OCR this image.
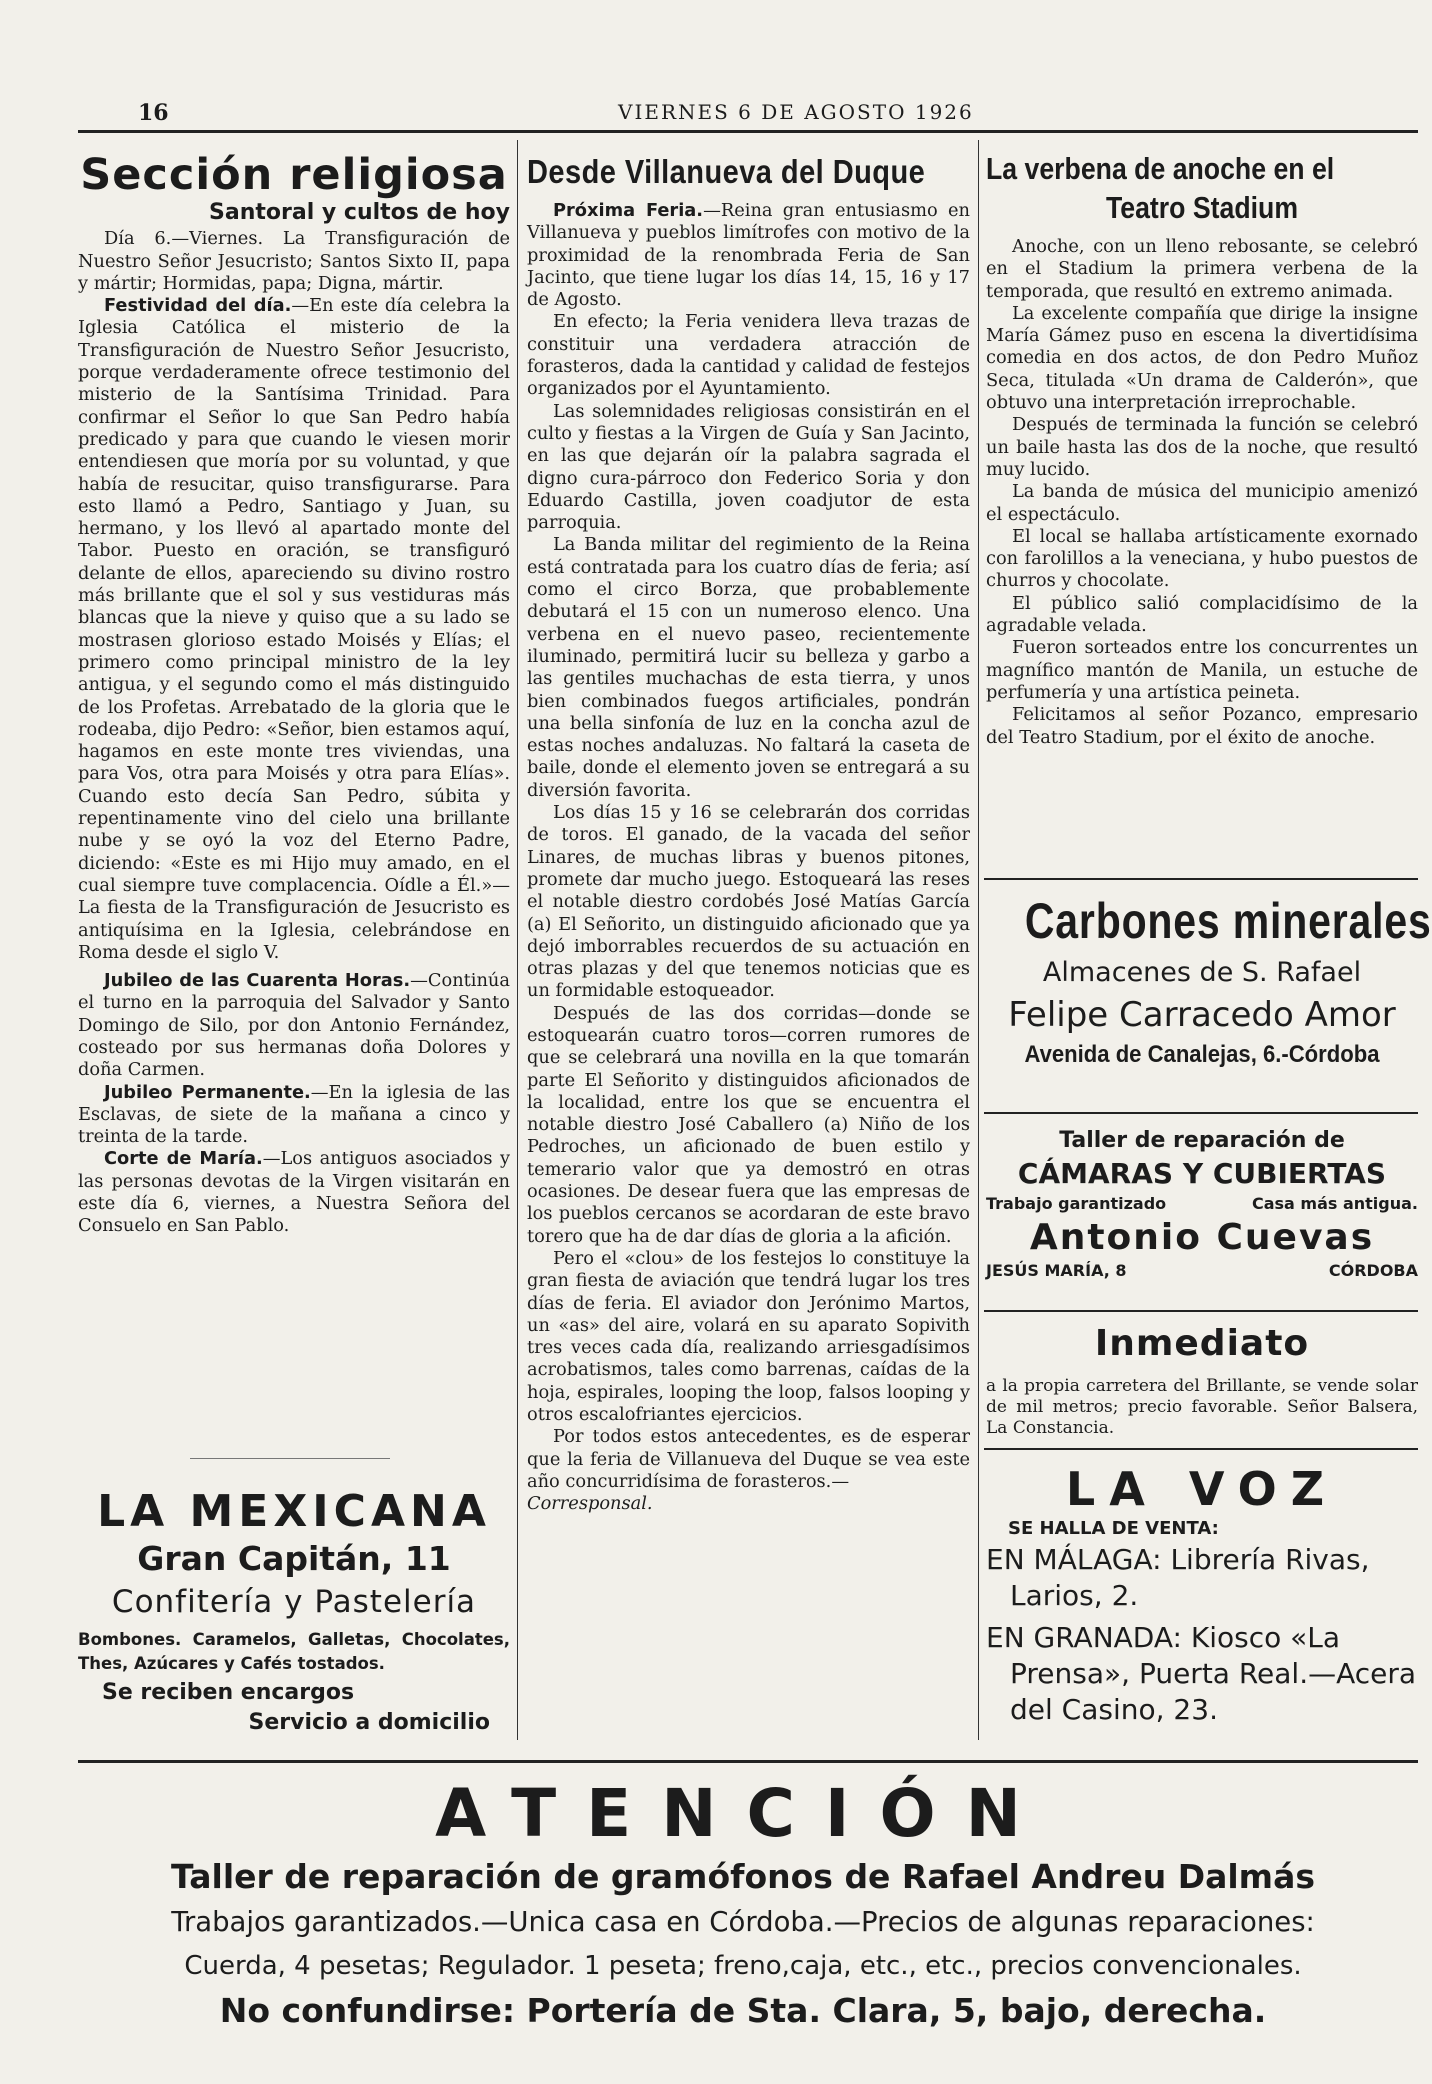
16	VIERNES 6 DE AGOSTO 1926
Sección religiosa
Santoral y cultos de hoy

Día 6.—Viernes. La Transfiguración de Nuestro Señor Jesucristo; Santos Sixto II, papa y mártir; Hormidas, papa; Digna, mártir.

Festividad del día.—En este día celebra la Iglesia Católica el misterio de la Transfiguración de Nuestro Señor Jesucristo, porque verdaderamente ofrece testimonio del misterio de la Santísima Trinidad. Para confirmar el Señor lo que San Pedro había predicado y para que cuando le viesen morir entendiesen que moría por su voluntad, y que había de resucitar, quiso transfigurarse. Para esto llamó a Pedro, Santiago y Juan, su hermano, y los llevó al apartado monte del Tabor. Puesto en oración, se transfiguró delante de ellos, apareciendo su divino rostro más brillante que el sol y sus vestiduras más blancas que la nieve y quiso que a su lado se mostrasen glorioso estado Moisés y Elías; el primero como principal ministro de la ley antigua, y el segundo como el más distinguido de los Profetas. Arrebatado de la gloria que le rodeaba, dijo Pedro: «Señor, bien estamos aquí, hagamos en este monte tres viviendas, una para Vos, otra para Moisés y otra para Elías». Cuando esto decía San Pedro, súbita y repentinamente vino del cielo una brillante nube y se oyó la voz del Eterno Padre, diciendo: «Este es mi Hijo muy amado, en el cual siempre tuve complacencia. Oídle a Él.»—La fiesta de la Transfiguración de Jesucristo es antiquísima en la Iglesia, celebrándose en Roma desde el siglo V.

Jubileo de las Cuarenta Horas.—Continúa el turno en la parroquia del Salvador y Santo Domingo de Silo, por don Antonio Fernández, costeado por sus hermanas doña Dolores y doña Carmen.

Jubileo Permanente.—En la iglesia de las Esclavas, de siete de la mañana a cinco y treinta de la tarde.

Corte de María.—Los antiguos asociados y las personas devotas de la Virgen visitarán en este día 6, viernes, a Nuestra Señora del Consuelo en San Pablo.

LA MEXICANA
Gran Capitán, 11
Confitería y Pastelería
Bombones. Caramelos, Galletas, Chocolates, Thes, Azúcares y Cafés tostados.
Se reciben encargos
Servicio a domicilio
Desde Villanueva del Duque

Próxima Feria.—Reina gran entusiasmo en Villanueva y pueblos limítrofes con motivo de la proximidad de la renombrada Feria de San Jacinto, que tiene lugar los días 14, 15, 16 y 17 de Agosto.

En efecto; la Feria venidera lleva trazas de constituir una verdadera atracción de forasteros, dada la cantidad y calidad de festejos organizados por el Ayuntamiento.

Las solemnidades religiosas consistirán en el culto y fiestas a la Virgen de Guía y San Jacinto, en las que dejarán oír la palabra sagrada el digno cura-párroco don Federico Soria y don Eduardo Castilla, joven coadjutor de esta parroquia.

La Banda militar del regimiento de la Reina está contratada para los cuatro días de feria; así como el circo Borza, que probablemente debutará el 15 con un numeroso elenco. Una verbena en el nuevo paseo, recientemente iluminado, permitirá lucir su belleza y garbo a las gentiles muchachas de esta tierra, y unos bien combinados fuegos artificiales, pondrán una bella sinfonía de luz en la concha azul de estas noches andaluzas. No faltará la caseta de baile, donde el elemento joven se entregará a su diversión favorita.

Los días 15 y 16 se celebrarán dos corridas de toros. El ganado, de la vacada del señor Linares, de muchas libras y buenos pitones, promete dar mucho juego. Estoqueará las reses el notable diestro cordobés José Matías García (a) El Señorito, un distinguido aficionado que ya dejó imborrables recuerdos de su actuación en otras plazas y del que tenemos noticias que es un formidable estoqueador.

Después de las dos corridas—donde se estoquearán cuatro toros—corren rumores de que se celebrará una novilla en la que tomarán parte El Señorito y distinguidos aficionados de la localidad, entre los que se encuentra el notable diestro José Caballero (a) Niño de los Pedroches, un aficionado de buen estilo y temerario valor que ya demostró en otras ocasiones. De desear fuera que las empresas de los pueblos cercanos se acordaran de este bravo torero que ha de dar días de gloria a la afición.

Pero el «clou» de los festejos lo constituye la gran fiesta de aviación que tendrá lugar los tres días de feria. El aviador don Jerónimo Martos, un «as» del aire, volará en su aparato Sopivith tres veces cada día, realizando arriesgadísimos acrobatismos, tales como barrenas, caídas de la hoja, espirales, looping the loop, falsos looping y otros escalofriantes ejercicios.

Por todos estos antecedentes, es de esperar que la feria de Villanueva del Duque se vea este año concurridísima de forasteros.—

Corresponsal.

La verbena de anoche en el
Teatro Stadium

Anoche, con un lleno rebosante, se celebró en el Stadium la primera verbena de la temporada, que resultó en extremo animada.

La excelente compañía que dirige la insigne María Gámez puso en escena la divertidísima comedia en dos actos, de don Pedro Muñoz Seca, titulada «Un drama de Calderón», que obtuvo una interpretación irreprochable.

Después de terminada la función se celebró un baile hasta las dos de la noche, que resultó muy lucido.

La banda de música del municipio amenizó el espectáculo.

El local se hallaba artísticamente exornado con farolillos a la veneciana, y hubo puestos de churros y chocolate.

El público salió complacidísimo de la agradable velada.

Fueron sorteados entre los concurrentes un magnífico mantón de Manila, un estuche de perfumería y una artística peineta.

Felicitamos al señor Pozanco, empresario del Teatro Stadium, por el éxito de anoche.

Carbones minerales
Almacenes de S. Rafael
Felipe Carracedo Amor
Avenida de Canalejas, 6.-Córdoba
Taller de reparación de
CÁMARAS Y CUBIERTAS
Trabajo garantizado	Casa más antigua.
Antonio Cuevas
JESÚS MARÍA, 8	CÓRDOBA
Inmediato
a la propia carretera del Brillante, se vende solar de mil metros; precio favorable. Señor Balsera, La Constancia.
LA VOZ
SE HALLA DE VENTA:
EN MÁLAGA: Librería Rivas, Larios, 2.
EN GRANADA: Kiosco «La Prensa», Puerta Real.—Acera del Casino, 23.
ATENCIÓN
Taller de reparación de gramófonos de Rafael Andreu Dalmás
Trabajos garantizados.—Unica casa en Córdoba.—Precios de algunas reparaciones:
Cuerda, 4 pesetas; Regulador. 1 peseta; freno,caja, etc., etc., precios convencionales.
No confundirse: Portería de Sta. Clara, 5, bajo, derecha.
